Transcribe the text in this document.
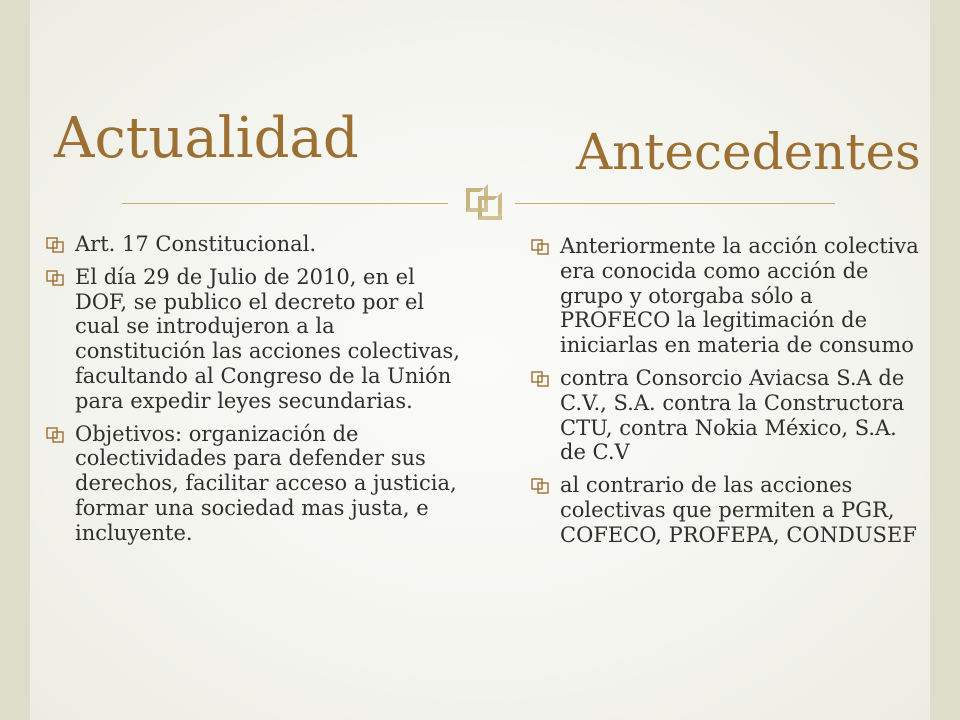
Actualidad	Antecedentes
Art. 17 Constitucional.
El día 29 de Julio de 2010, en el DOF, se publico el decreto por el cual se introdujeron a la constitución las acciones colectivas, facultando al Congreso de la Unión para expedir leyes secundarias.
Objetivos: organización de colectividades para defender sus derechos, facilitar acceso a justicia, formar una sociedad mas justa, e incluyente.
Anteriormente la acción colectiva era conocida como acción de grupo y otorgaba sólo a PROFECO la legitimación de iniciarlas en materia de consumo
contra Consorcio Aviacsa S.A de C.V., S.A. contra la Constructora CTU, contra Nokia México, S.A. de C.V
al contrario de las acciones colectivas que permiten a PGR, COFECO, PROFEPA, CONDUSEF
